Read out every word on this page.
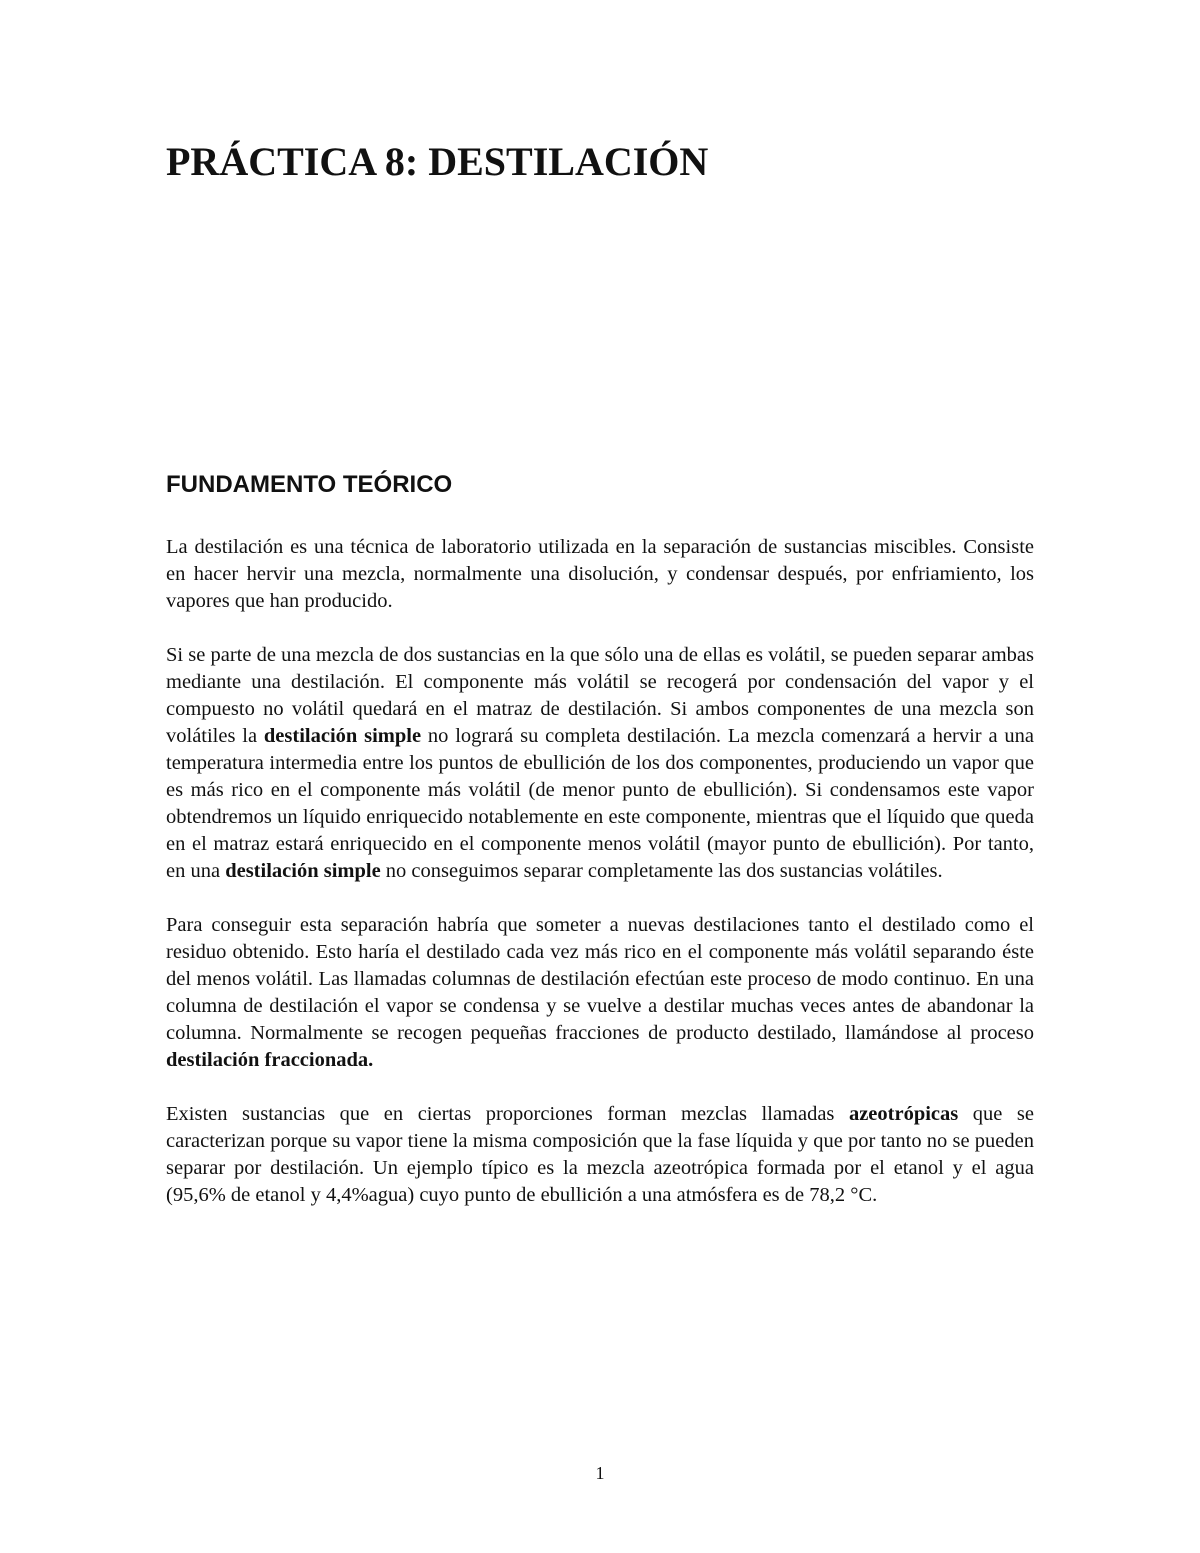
PRÁCTICA 8: DESTILACIÓN
FUNDAMENTO TEÓRICO

La destilación es una técnica de laboratorio utilizada en la separación de sustancias miscibles. Consiste en hacer hervir una mezcla, normalmente una disolución, y condensar después, por enfriamiento, los vapores que han producido.

Si se parte de una mezcla de dos sustancias en la que sólo una de ellas es volátil, se pueden separar ambas mediante una destilación. El componente más volátil se recogerá por condensación del vapor y el compuesto no volátil quedará en el matraz de destilación. Si ambos componentes de una mezcla son volátiles la destilación simple no logrará su completa destilación. La mezcla comenzará a hervir a una temperatura intermedia entre los puntos de ebullición de los dos componentes, produciendo un vapor que es más rico en el componente más volátil (de menor punto de ebullición). Si condensamos este vapor obtendremos un líquido enriquecido notablemente en este componente, mientras que el líquido que queda en el matraz estará enriquecido en el componente menos volátil (mayor punto de ebullición). Por tanto, en una destilación simple no conseguimos separar completamente las dos sustancias volátiles.

Para conseguir esta separación habría que someter a nuevas destilaciones tanto el destilado como el residuo obtenido. Esto haría el destilado cada vez más rico en el componente más volátil separando éste del menos volátil. Las llamadas columnas de destilación efectúan este proceso de modo continuo. En una columna de destilación el vapor se condensa y se vuelve a destilar muchas veces antes de abandonar la columna. Normalmente se recogen pequeñas fracciones de producto destilado, llamándose al proceso destilación fraccionada.

Existen sustancias que en ciertas proporciones forman mezclas llamadas azeotrópicas que se caracterizan porque su vapor tiene la misma composición que la fase líquida y que por tanto no se pueden separar por destilación. Un ejemplo típico es la mezcla azeotrópica formada por el etanol y el agua (95,6% de etanol y 4,4%agua) cuyo punto de ebullición a una atmósfera es de 78,2 °C.

1
